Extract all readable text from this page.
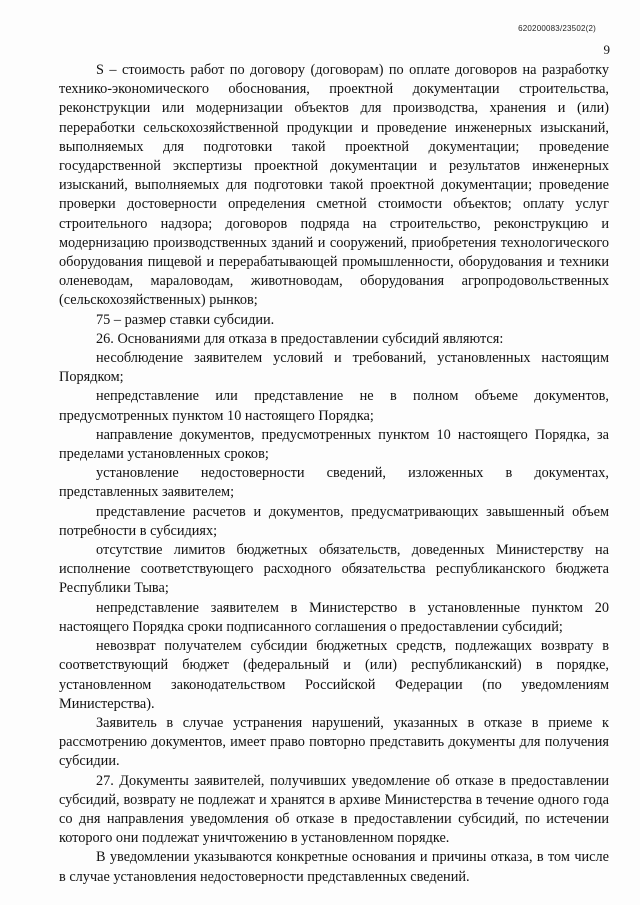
620200083/23502(2)
9

S – стоимость работ по договору (договорам) по оплате договоров на разработку технико-экономического обоснования, проектной документации строительства, реконструкции или модернизации объектов для производства, хранения и (или) переработки сельскохозяйственной продукции и проведение инженерных изысканий, выполняемых для подготовки такой проектной документации; проведение государственной экспертизы проектной документации и результатов инженерных изысканий, выполняемых для подготовки такой проектной документации; проведение проверки достоверности определения сметной стоимости объектов; оплату услуг строительного надзора; договоров подряда на строительство, реконструкцию и модернизацию производственных зданий и сооружений, приобретения технологического оборудования пищевой и перерабатывающей промышленности, оборудования и техники оленеводам, мараловодам, животноводам, оборудования агропродовольственных (сельскохозяйственных) рынков;

75 – размер ставки субсидии.

26. Основаниями для отказа в предоставлении субсидий являются:

несоблюдение заявителем условий и требований, установленных настоящим Порядком;

непредставление или представление не в полном объеме документов, предусмотренных пунктом 10 настоящего Порядка;

направление документов, предусмотренных пунктом 10 настоящего Порядка, за пределами установленных сроков;

установление недостоверности сведений, изложенных в документах, представленных заявителем;

представление расчетов и документов, предусматривающих завышенный объем потребности в субсидиях;

отсутствие лимитов бюджетных обязательств, доведенных Министерству на исполнение соответствующего расходного обязательства республиканского бюджета Республики Тыва;

непредставление заявителем в Министерство в установленные пунктом 20 настоящего Порядка сроки подписанного соглашения о предоставлении субсидий;

невозврат получателем субсидии бюджетных средств, подлежащих возврату в соответствующий бюджет (федеральный и (или) республиканский) в порядке, установленном законодательством Российской Федерации (по уведомлениям Министерства).

Заявитель в случае устранения нарушений, указанных в отказе в приеме к рассмотрению документов, имеет право повторно представить документы для получения субсидии.

27. Документы заявителей, получивших уведомление об отказе в предоставлении субсидий, возврату не подлежат и хранятся в архиве Министерства в течение одного года со дня направления уведомления об отказе в предоставлении субсидий, по истечении которого они подлежат уничтожению в установленном порядке.

В уведомлении указываются конкретные основания и причины отказа, в том числе в случае установления недостоверности представленных сведений.
